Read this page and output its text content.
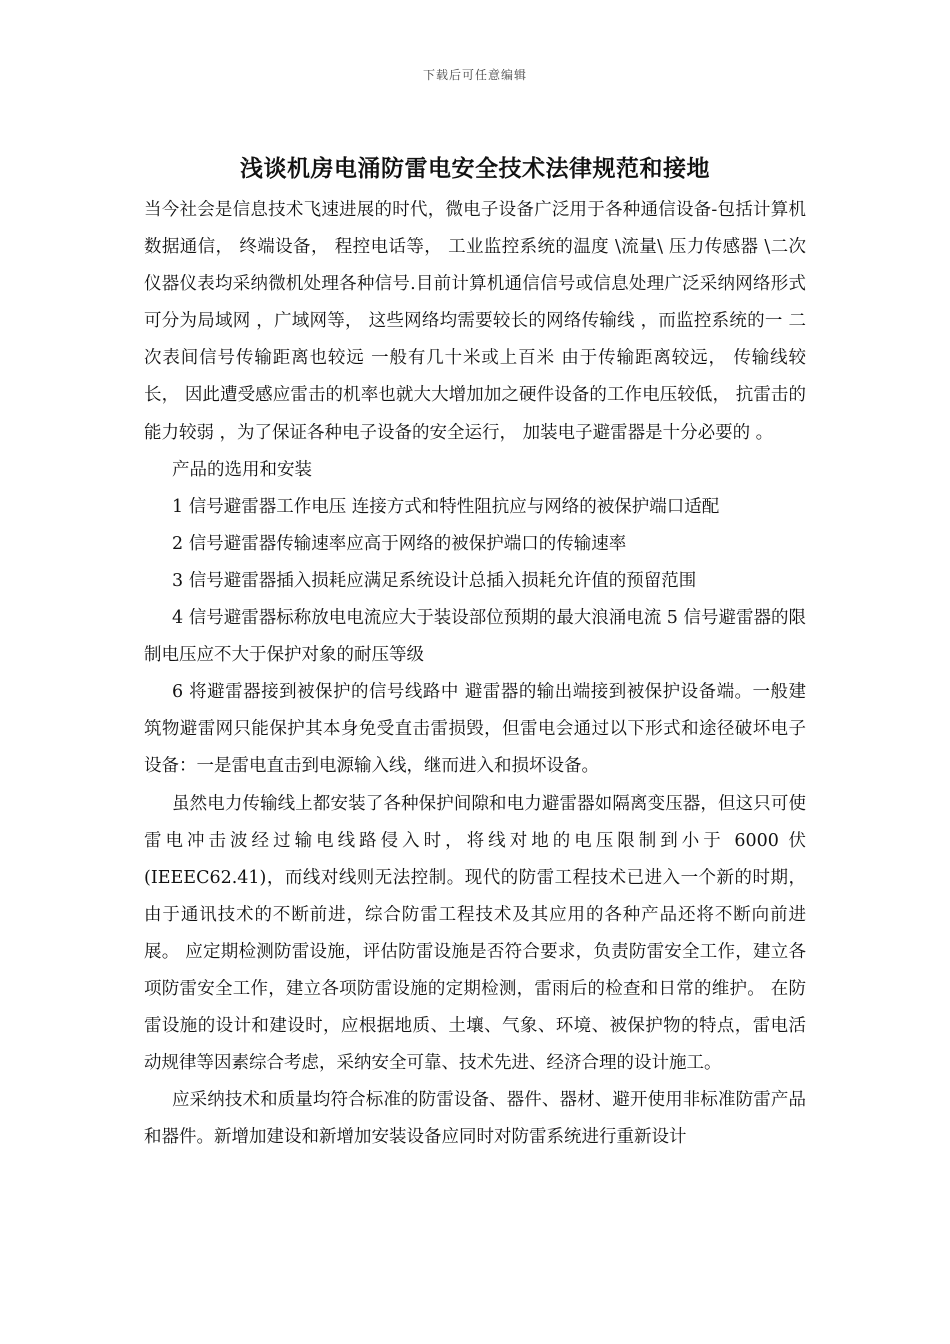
下载后可任意编辑
浅谈机房电涌防雷电安全技术法律规范和接地

当今社会是信息技术飞速进展的时代，微电子设备广泛用于各种通信设备-包括计算机数据通信， 终端设备， 程控电话等， 工业监控系统的温度 \流量\ 压力传感器 \二次仪器仪表均采纳微机处理各种信号.目前计算机通信信号或信息处理广泛采纳网络形式 可分为局域网 ，广域网等， 这些网络均需要较长的网络传输线 ，而监控系统的一 二次表间信号传输距离也较远 一般有几十米或上百米 由于传输距离较远， 传输线较长， 因此遭受感应雷击的机率也就大大增加加之硬件设备的工作电压较低， 抗雷击的能力较弱 ，为了保证各种电子设备的安全运行， 加装电子避雷器是十分必要的 。

产品的选用和安装

1 信号避雷器工作电压 连接方式和特性阻抗应与网络的被保护端口适配

2 信号避雷器传输速率应高于网络的被保护端口的传输速率

3 信号避雷器插入损耗应满足系统设计总插入损耗允许值的预留范围

4 信号避雷器标称放电电流应大于装设部位预期的最大浪涌电流 5 信号避雷器的限制电压应不大于保护对象的耐压等级

6 将避雷器接到被保护的信号线路中 避雷器的输出端接到被保护设备端。一般建筑物避雷网只能保护其本身免受直击雷损毁，但雷电会通过以下形式和途径破坏电子设备：一是雷电直击到电源输入线，继而进入和损坏设备。

虽然电力传输线上都安装了各种保护间隙和电力避雷器如隔离变压器，但这只可使雷电冲击波经过输电线路侵入时，将线对地的电压限制到小于 6000 伏(IEEEC62.41)，而线对线则无法控制。现代的防雷工程技术已进入一个新的时期，由于通讯技术的不断前进，综合防雷工程技术及其应用的各种产品还将不断向前进展。 应定期检测防雷设施，评估防雷设施是否符合要求，负责防雷安全工作，建立各项防雷安全工作，建立各项防雷设施的定期检测，雷雨后的检查和日常的维护。 在防雷设施的设计和建设时，应根据地质、土壤、气象、环境、被保护物的特点，雷电活动规律等因素综合考虑，采纳安全可靠、技术先进、经济合理的设计施工。

应采纳技术和质量均符合标准的防雷设备、器件、器材、避开使用非标准防雷产品和器件。新增加建设和新增加安装设备应同时对防雷系统进行重新设计
